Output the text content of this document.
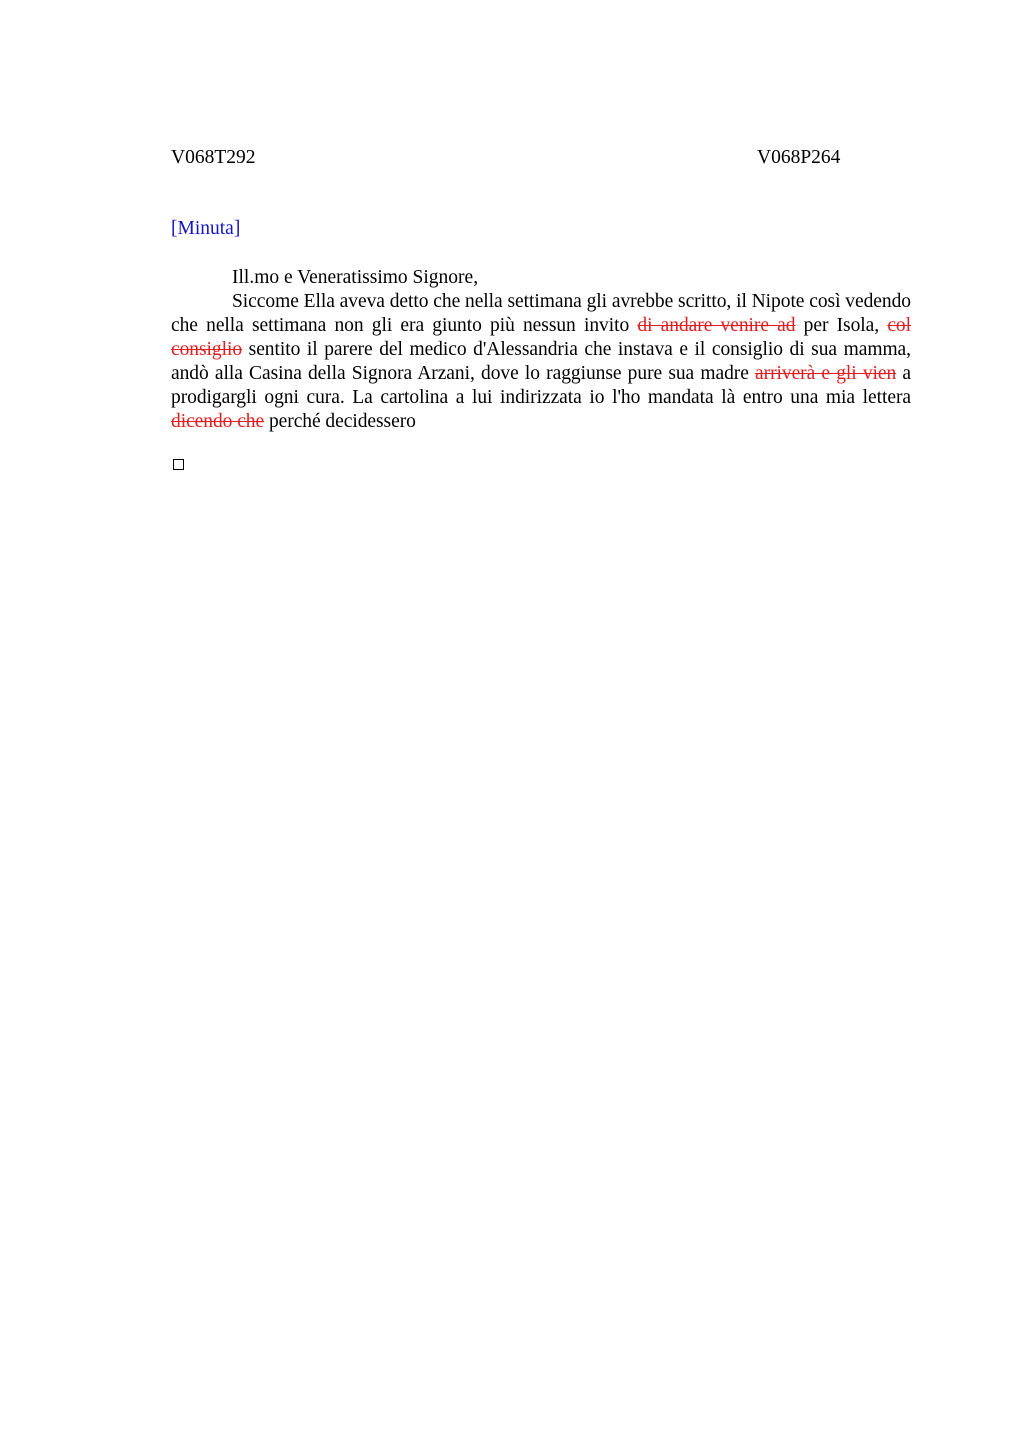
V068T292	V068P264
[Minuta]

Ill.mo e Veneratissimo Signore,

Siccome Ella aveva detto che nella settimana gli avrebbe scritto, il Nipote così vedendo che nella settimana non gli era giunto più nessun invito di andare venire ad per Isola, col consiglio sentito il parere del medico d'Alessandria che instava e il consiglio di sua mamma, andò alla Casina della Signora Arzani, dove lo raggiunse pure sua madre arriverà e gli vien a prodigargli ogni cura. La cartolina a lui indirizzata io l'ho mandata là entro una mia lettera dicendo che perché decidessero
